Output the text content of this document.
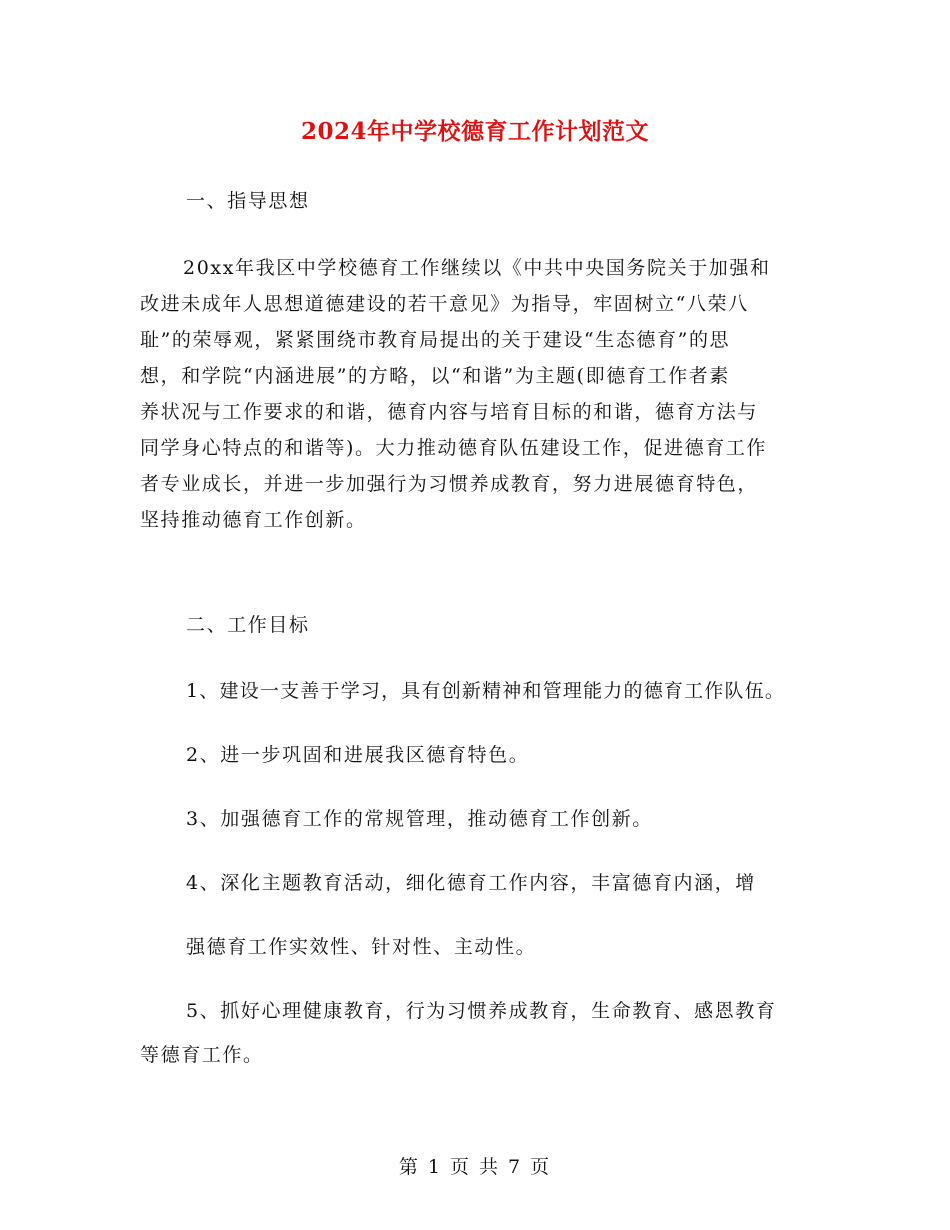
2024年中学校德育工作计划范文
一、指导思想
20xx年我区中学校德育工作继续以《中共中央国务院关于加强和
改进未成年人思想道德建设的若干意见》为指导，牢固树立“八荣八
耻”的荣辱观，紧紧围绕市教育局提出的关于建设“生态德育”的思
想，和学院“内涵进展”的方略，以“和谐”为主题(即德育工作者素
养状况与工作要求的和谐，德育内容与培育目标的和谐，德育方法与
同学身心特点的和谐等)。大力推动德育队伍建设工作，促进德育工作
者专业成长，并进一步加强行为习惯养成教育，努力进展德育特色，
坚持推动德育工作创新。
二、工作目标
1、建设一支善于学习，具有创新精神和管理能力的德育工作队伍。
2、进一步巩固和进展我区德育特色。
3、加强德育工作的常规管理，推动德育工作创新。
4、深化主题教育活动，细化德育工作内容，丰富德育内涵，增
强德育工作实效性、针对性、主动性。
5、抓好心理健康教育，行为习惯养成教育，生命教育、感恩教育
等德育工作。
第 1 页 共 7 页
